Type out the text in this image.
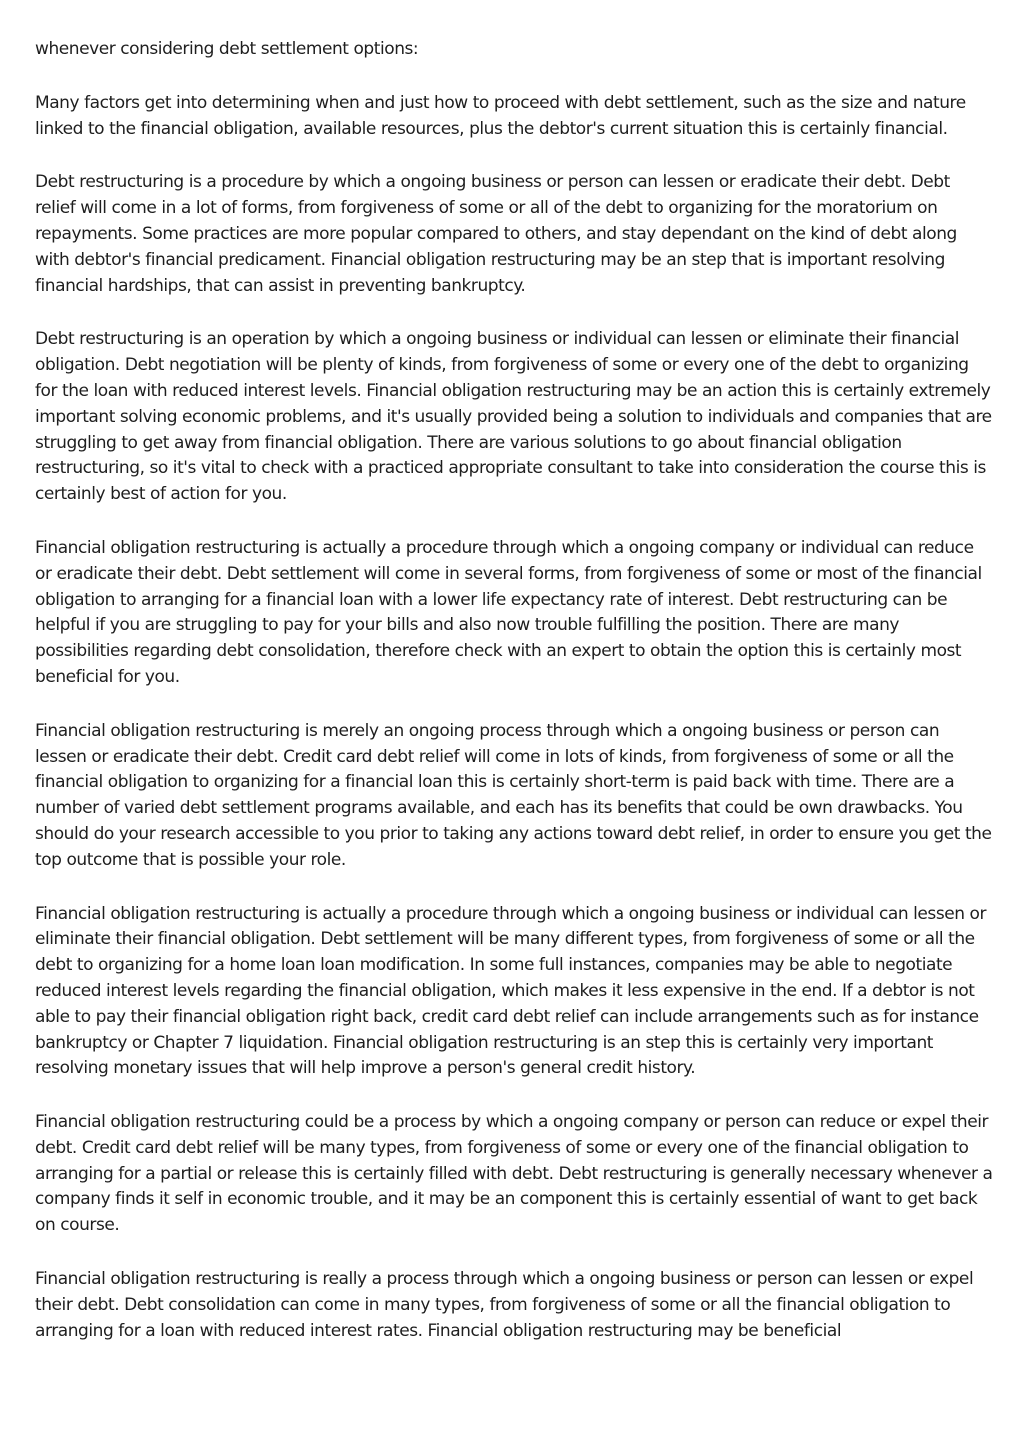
whenever considering debt settlement options:

Many factors get into determining when and just how to proceed with debt settlement, such as the size and nature linked to the financial obligation, available resources, plus the debtor's current situation this is certainly financial.

Debt restructuring is a procedure by which a ongoing business or person can lessen or eradicate their debt. Debt relief will come in a lot of forms, from forgiveness of some or all of the debt to organizing for the moratorium on repayments. Some practices are more popular compared to others, and stay dependant on the kind of debt along with debtor's financial predicament. Financial obligation restructuring may be an step that is important resolving financial hardships, that can assist in preventing bankruptcy.

Debt restructuring is an operation by which a ongoing business or individual can lessen or eliminate their financial obligation. Debt negotiation will be plenty of kinds, from forgiveness of some or every one of the debt to organizing for the loan with reduced interest levels. Financial obligation restructuring may be an action this is certainly extremely important solving economic problems, and it's usually provided being a solution to individuals and companies that are struggling to get away from financial obligation. There are various solutions to go about financial obligation restructuring, so it's vital to check with a practiced appropriate consultant to take into consideration the course this is certainly best of action for you.

Financial obligation restructuring is actually a procedure through which a ongoing company or individual can reduce or eradicate their debt. Debt settlement will come in several forms, from forgiveness of some or most of the financial obligation to arranging for a financial loan with a lower life expectancy rate of interest. Debt restructuring can be helpful if you are struggling to pay for your bills and also now trouble fulfilling the position. There are many possibilities regarding debt consolidation, therefore check with an expert to obtain the option this is certainly most beneficial for you.

Financial obligation restructuring is merely an ongoing process through which a ongoing business or person can lessen or eradicate their debt. Credit card debt relief will come in lots of kinds, from forgiveness of some or all the financial obligation to organizing for a financial loan this is certainly short-term is paid back with time. There are a number of varied debt settlement programs available, and each has its benefits that could be own drawbacks. You should do your research accessible to you prior to taking any actions toward debt relief, in order to ensure you get the top outcome that is possible your role.

Financial obligation restructuring is actually a procedure through which a ongoing business or individual can lessen or eliminate their financial obligation. Debt settlement will be many different types, from forgiveness of some or all the debt to organizing for a home loan loan modification. In some full instances, companies may be able to negotiate reduced interest levels regarding the financial obligation, which makes it less expensive in the end. If a debtor is not able to pay their financial obligation right back, credit card debt relief can include arrangements such as for instance bankruptcy or Chapter 7 liquidation. Financial obligation restructuring is an step this is certainly very important resolving monetary issues that will help improve a person's general credit history.

Financial obligation restructuring could be a process by which a ongoing company or person can reduce or expel their debt. Credit card debt relief will be many types, from forgiveness of some or every one of the financial obligation to arranging for a partial or release this is certainly filled with debt. Debt restructuring is generally necessary whenever a company finds it self in economic trouble, and it may be an component this is certainly essential of want to get back on course.

Financial obligation restructuring is really a process through which a ongoing business or person can lessen or expel their debt. Debt consolidation can come in many types, from forgiveness of some or all the financial obligation to arranging for a loan with reduced interest rates. Financial obligation restructuring may be beneficial
